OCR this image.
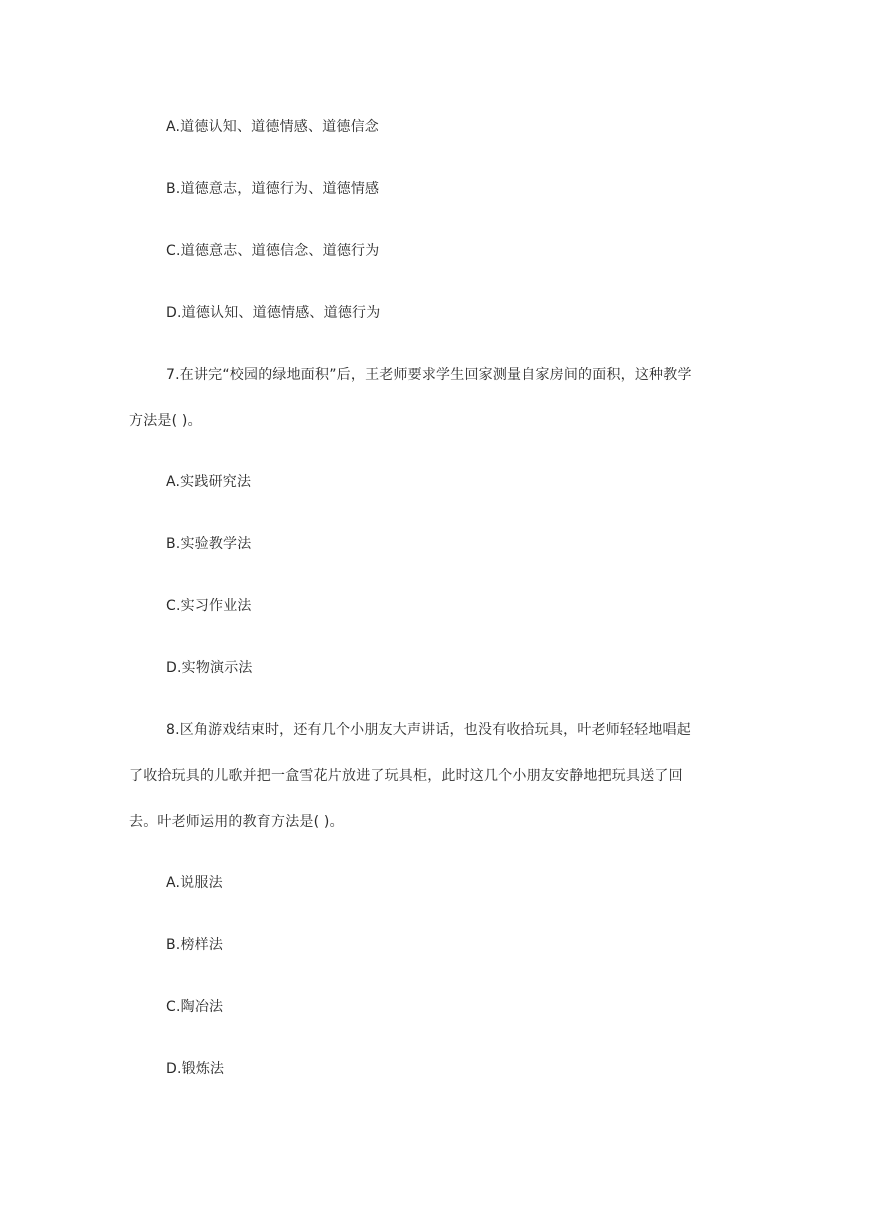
A.道德认知、道德情感、道德信念
B.道德意志，道德行为、道德情感
C.道德意志、道德信念、道德行为
D.道德认知、道德情感、道德行为
7.在讲完“校园的绿地面积”后，王老师要求学生回家测量自家房间的面积，这种教学
方法是( )。
A.实践研究法
B.实验教学法
C.实习作业法
D.实物演示法
8.区角游戏结束时，还有几个小朋友大声讲话，也没有收拾玩具，叶老师轻轻地唱起
了收拾玩具的儿歌并把一盒雪花片放进了玩具柜，此时这几个小朋友安静地把玩具送了回
去。叶老师运用的教育方法是( )。
A.说服法
B.榜样法
C.陶冶法
D.锻炼法
